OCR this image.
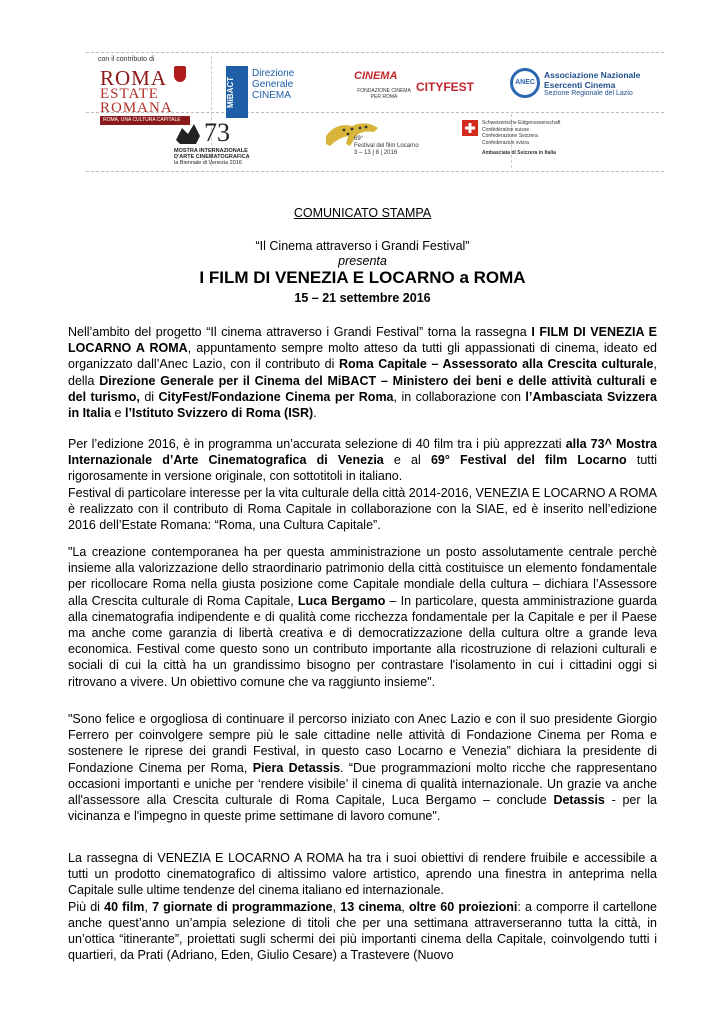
con il contributo di
ROMA
ESTATE
ROMANA
ROMA, UNA CULTURA CAPITALE
MiBACT
Direzione
Generale
CINEMA
CINEMA
FONDAZIONE CINEMA PER ROMA
CITYFEST	ANEC
Associazione Nazionale
Esercenti Cinema
Sezione Regionale del Lazio
73
MOSTRA INTERNAZIONALE
D'ARTE CINEMATOGRAFICA
la Biennale di Venezia 2016
69°
Festival del film Locarno
3 – 13 | 8 | 2016
Schweizerische Eidgenossenschaft
Confédération suisse
Confederazione Svizzera
Confederaziun svizra
Ambasciata di Svizzera in Italia
COMUNICATO STAMPA
“Il Cinema attraverso i Grandi Festival”
presenta
I FILM DI VENEZIA E LOCARNO a ROMA
15 – 21 settembre 2016

Nell’ambito del progetto “Il cinema attraverso i Grandi Festival” torna la rassegna I FILM DI VENEZIA E LOCARNO A ROMA, appuntamento sempre molto atteso da tutti gli appassionati di cinema, ideato ed organizzato dall’Anec Lazio, con il contributo di Roma Capitale – Assessorato alla Crescita culturale, della Direzione Generale per il Cinema del MiBACT – Ministero dei beni e delle attività culturali e del turismo, di CityFest/Fondazione Cinema per Roma, in collaborazione con l’Ambasciata Svizzera in Italia e l’Istituto Svizzero di Roma (ISR).

Per l’edizione 2016, è in programma un’accurata selezione di 40 film tra i più apprezzati alla 73^ Mostra Internazionale d’Arte Cinematografica di Venezia e al 69° Festival del film Locarno tutti rigorosamente in versione originale, con sottotitoli in italiano.
Festival di particolare interesse per la vita culturale della città 2014-2016, VENEZIA E LOCARNO A ROMA è realizzato con il contributo di Roma Capitale in collaborazione con la SIAE, ed è inserito nell’edizione 2016 dell’Estate Romana: “Roma, una Cultura Capitale”.

"La creazione contemporanea ha per questa amministrazione un posto assolutamente centrale perchè insieme alla valorizzazione dello straordinario patrimonio della città costituisce un elemento fondamentale per ricollocare Roma nella giusta posizione come Capitale mondiale della cultura – dichiara l’Assessore alla Crescita culturale di Roma Capitale, Luca Bergamo – In particolare, questa amministrazione guarda alla cinematografia indipendente e di qualità come ricchezza fondamentale per la Capitale e per il Paese ma anche come garanzia di libertà creativa e di democratizzazione della cultura oltre a grande leva economica. Festival come questo sono un contributo importante alla ricostruzione di relazioni culturali e sociali di cui la città ha un grandissimo bisogno per contrastare l'isolamento in cui i cittadini oggi si ritrovano a vivere. Un obiettivo comune che va raggiunto insieme".

"Sono felice e orgogliosa di continuare il percorso iniziato con Anec Lazio e con il suo presidente Giorgio Ferrero per coinvolgere sempre più le sale cittadine nelle attività di Fondazione Cinema per Roma e sostenere le riprese dei grandi Festival, in questo caso Locarno e Venezia” dichiara la presidente di Fondazione Cinema per Roma, Piera Detassis. “Due programmazioni molto ricche che rappresentano occasioni importanti e uniche per ‘rendere visibile’ il cinema di qualità internazionale. Un grazie va anche all'assessore alla Crescita culturale di Roma Capitale, Luca Bergamo – conclude Detassis - per la vicinanza e l'impegno in queste prime settimane di lavoro comune".

La rassegna di VENEZIA E LOCARNO A ROMA ha tra i suoi obiettivi di rendere fruibile e accessibile a tutti un prodotto cinematografico di altissimo valore artistico, aprendo una finestra in anteprima nella Capitale sulle ultime tendenze del cinema italiano ed internazionale.
Più di 40 film, 7 giornate di programmazione, 13 cinema, oltre 60 proiezioni: a comporre il cartellone anche quest’anno un’ampia selezione di titoli che per una settimana attraverseranno tutta la città, in un’ottica “itinerante”, proiettati sugli schermi dei più importanti cinema della Capitale, coinvolgendo tutti i quartieri, da Prati (Adriano, Eden, Giulio Cesare) a Trastevere (Nuovo
